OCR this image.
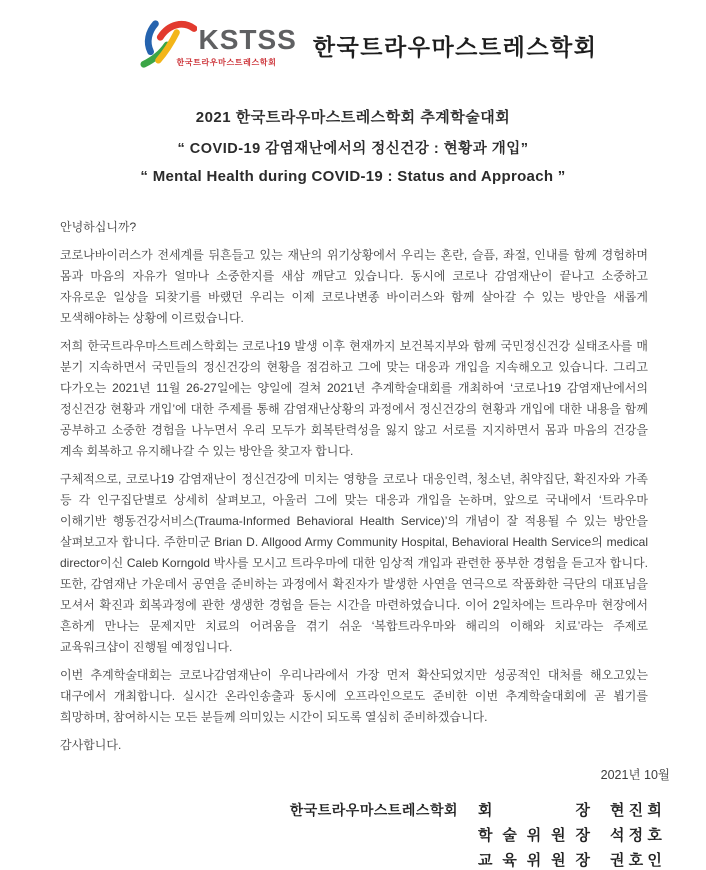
KSTSS
한국트라우마스트레스학회
한국트라우마스트레스학회
2021 한국트라우마스트레스학회 추계학술대회
“ COVID-19 감염재난에서의 정신건강 : 현황과 개입”
“ Mental Health during COVID-19 : Status and Approach ”

안녕하십니까?

코로나바이러스가 전세계를 뒤흔들고 있는 재난의 위기상황에서 우리는 혼란, 슬픔, 좌절, 인내를 함께 경험하며 몸과 마음의 자유가 얼마나 소중한지를 새삼 깨닫고 있습니다. 동시에 코로나 감염재난이 끝나고 소중하고 자유로운 일상을 되찾기를 바랬던 우리는 이제 코로나변종 바이러스와 함께 살아갈 수 있는 방안을 새롭게 모색해야하는 상황에 이르렀습니다.

저희 한국트라우마스트레스학회는 코로나19 발생 이후 현재까지 보건복지부와 함께 국민정신건강 실태조사를 매 분기 지속하면서 국민들의 정신건강의 현황을 점검하고 그에 맞는 대응과 개입을 지속해오고 있습니다. 그리고 다가오는 2021년 11월 26-27일에는 양일에 걸쳐 2021년 추계학술대회를 개최하여 ‘코로나19 감염재난에서의 정신건강 현황과 개입’에 대한 주제를 통해 감염재난상황의 과정에서 정신건강의 현황과 개입에 대한 내용을 함께 공부하고 소중한 경험을 나누면서 우리 모두가 회복탄력성을 잃지 않고 서로를 지지하면서 몸과 마음의 건강을 계속 회복하고 유지해나갈 수 있는 방안을 찾고자 합니다.

구체적으로, 코로나19 감염재난이 정신건강에 미치는 영향을 코로나 대응인력, 청소년, 취약집단, 확진자와 가족 등 각 인구집단별로 상세히 살펴보고, 아울러 그에 맞는 대응과 개입을 논하며, 앞으로 국내에서 ‘트라우마 이해기반 행동건강서비스(Trauma-Informed Behavioral Health Service)’의 개념이 잘 적용될 수 있는 방안을 살펴보고자 합니다. 주한미군 Brian D. Allgood Army Community Hospital, Behavioral Health Service의 medical director이신 Caleb Korngold 박사를 모시고 트라우마에 대한 임상적 개입과 관련한 풍부한 경험을 듣고자 합니다. 또한, 감염재난 가운데서 공연을 준비하는 과정에서 확진자가 발생한 사연을 연극으로 작품화한 극단의 대표님을 모셔서 확진과 회복과정에 관한 생생한 경험을 듣는 시간을 마련하였습니다. 이어 2일차에는 트라우마 현장에서 흔하게 만나는 문제지만 치료의 어려움을 겪기 쉬운 ‘복합트라우마와 해리의 이해와 치료’라는 주제로 교육워크샵이 진행될 예정입니다.

이번 추계학술대회는 코로나감염재난이 우리나라에서 가장 먼저 확산되었지만 성공적인 대처를 해오고있는 대구에서 개최합니다. 실시간 온라인송출과 동시에 오프라인으로도 준비한 이번 추계학술대회에 곧 뵙기를 희망하며, 참여하시는 모든 분들께 의미있는 시간이 되도록 열심히 준비하겠습니다.

감사합니다.

2021년 10월
한국트라우마스트레스학회 회	장 현 진 희
학 술 위 원 장 석 정 호
교 육 위 원 장 권 호 인
